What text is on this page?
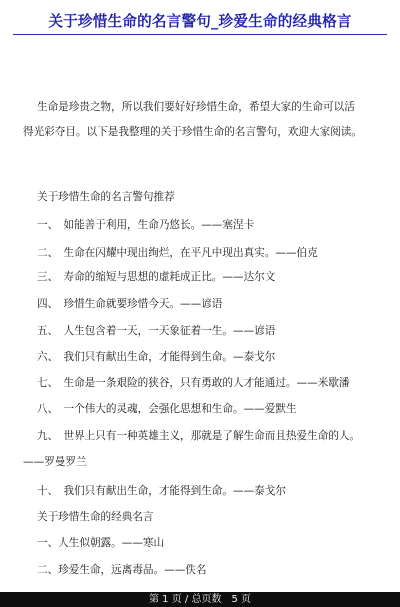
关于珍惜生命的名言警句_珍爱生命的经典格言
生命是珍贵之物，所以我们要好好珍惜生命，希望大家的生命可以活
得光彩夺目。以下是我整理的关于珍惜生命的名言警句，欢迎大家阅读。
关于珍惜生命的名言警句推荐
一、　如能善于利用，生命乃悠长。——塞涅卡
二、　生命在闪耀中现出绚烂，在平凡中现出真实。——伯克
三、　寿命的缩短与思想的虚耗成正比。——达尔文
四、　珍惜生命就要珍惜今天。——谚语
五、　人生包含着一天，一天象征着一生。——谚语
六、　我们只有献出生命，才能得到生命。—泰戈尔
七、　生命是一条艰险的狭谷，只有勇敢的人才能通过。——米歇潘
八、　一个伟大的灵魂，会强化思想和生命。——爱默生
九、　世界上只有一种英雄主义，那就是了解生命而且热爱生命的人。
——罗曼罗兰
十、　我们只有献出生命，才能得到生命。——泰戈尔
关于珍惜生命的经典名言
一、人生似朝露。——寒山
二、珍爱生命，远离毒品。——佚名
第 1 页 / 总页数　5 页
